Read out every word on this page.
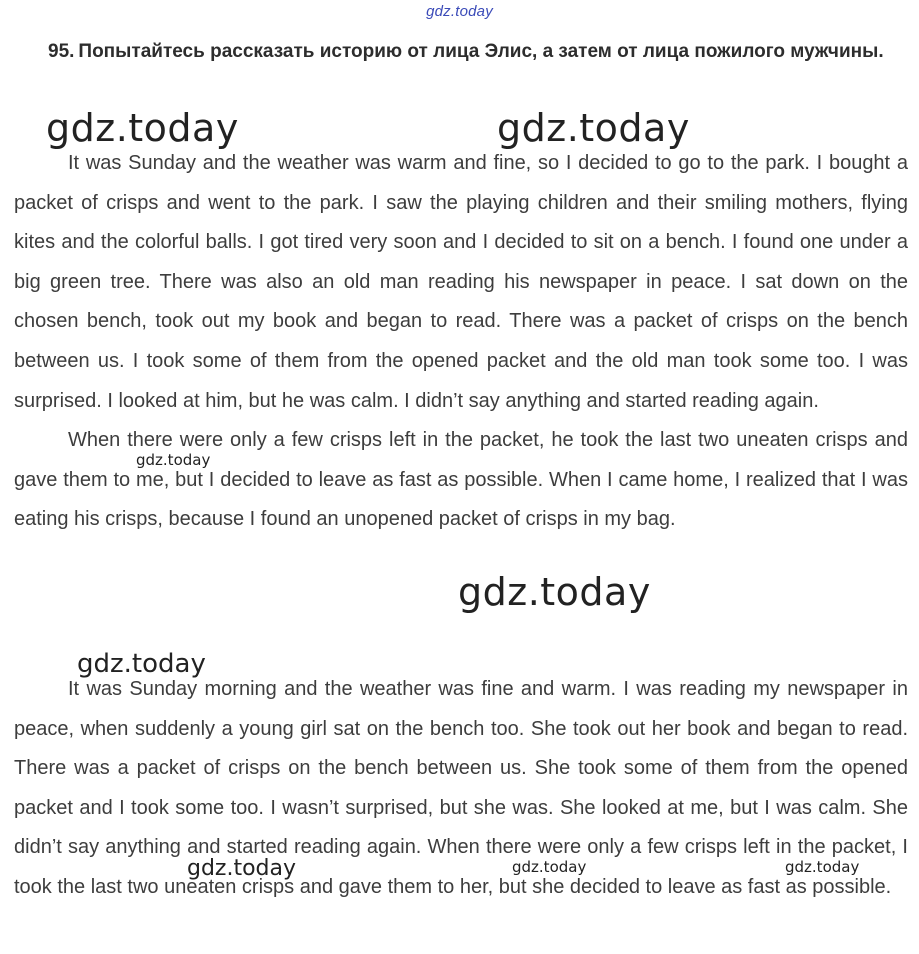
gdz.today
95. Попытайтесь рассказать историю от лица Элис, а затем от лица пожилого мужчины.

It was Sunday and the weather was warm and fine, so I decided to go to the park. I bought a packet of crisps and went to the park. I saw the playing children and their smiling mothers, flying kites and the colorful balls. I got tired very soon and I decided to sit on a bench. I found one under a big green tree. There was also an old man reading his newspaper in peace. I sat down on the chosen bench, took out my book and began to read. There was a packet of crisps on the bench between us. I took some of them from the opened packet and the old man took some too. I was surprised. I looked at him, but he was calm. I didn’t say anything and started reading again.

When there were only a few crisps left in the packet, he took the last two uneaten crisps and gave them to me, but I decided to leave as fast as possible. When I came home, I realized that I was eating his crisps, because I found an unopened packet of crisps in my bag.

It was Sunday morning and the weather was fine and warm. I was reading my newspaper in peace, when suddenly a young girl sat on the bench too. She took out her book and began to read. There was a packet of crisps on the bench between us. She took some of them from the opened packet and I took some too. I wasn’t surprised, but she was. She looked at me, but I was calm. She didn’t say anything and started reading again. When there were only a few crisps left in the packet, I took the last two uneaten crisps and gave them to her, but she decided to leave as fast as possible.

gdz.today	gdz.today
gdz.today
gdz.today
gdz.today
gdz.today	gdz.today	gdz.today
